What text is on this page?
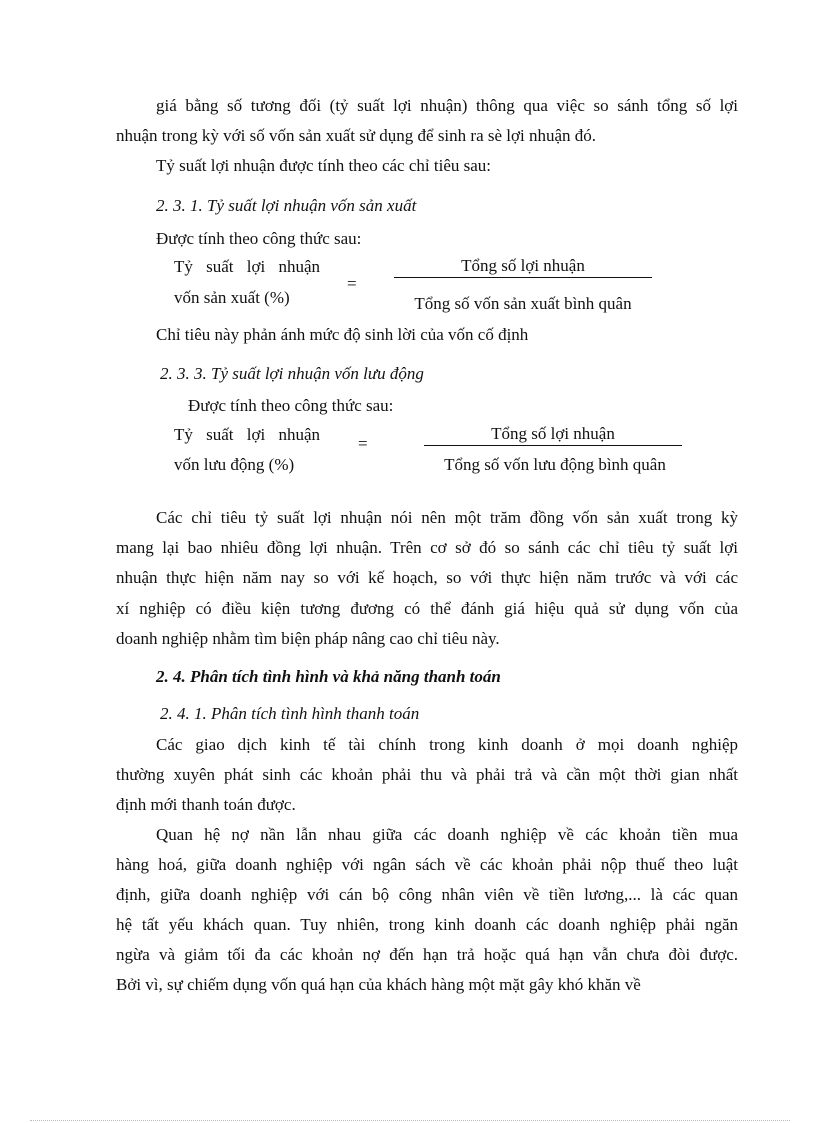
giá bằng số tương đối (tỷ suất lợi nhuận) thông qua việc so sánh tổng số lợi
nhuận trong kỳ với số vốn sản xuất sử dụng để sinh ra sè lợi nhuận đó.
Tỷ suất lợi nhuận được tính theo các chỉ tiêu sau:
2. 3. 1. Tỷ suất lợi nhuận vốn sản xuất
Được tính theo công thức sau:
Tỷ suất lợi nhuận
vốn sản xuất (%)
=
Tổng số lợi nhuận
Tổng số vốn sản xuất bình quân
Chỉ tiêu này phản ánh mức độ sinh lời của vốn cố định
2. 3. 3. Tỷ suất lợi nhuận vốn lưu động
Được tính theo công thức sau:
Tỷ suất lợi nhuận
vốn lưu động (%)
=
Tổng số lợi nhuận
Tổng số vốn lưu động bình quân
Các chỉ tiêu tỷ suất lợi nhuận nói nên một trăm đồng vốn sản xuất trong kỳ
mang lại bao nhiêu đồng lợi nhuận. Trên cơ sở đó so sánh các chỉ tiêu tỷ suất lợi
nhuận thực hiện năm nay so với kế hoạch, so với thực hiện năm trước và với các
xí nghiệp có điều kiện tương đương có thể đánh giá hiệu quả sử dụng vốn của
doanh nghiệp nhằm tìm biện pháp nâng cao chỉ tiêu này.
2. 4. Phân tích tình hình và khả năng thanh toán
2. 4. 1. Phân tích tình hình thanh toán
Các giao dịch kinh tế tài chính trong kinh doanh ở mọi doanh nghiệp
thường xuyên phát sinh các khoản phải thu và phải trả và cần một thời gian nhất
định mới thanh toán được.
Quan hệ nợ nần lẫn nhau giữa các doanh nghiệp về các khoản tiền mua
hàng hoá, giữa doanh nghiệp với ngân sách về các khoản phải nộp thuế theo luật
định, giữa doanh nghiệp với cán bộ công nhân viên về tiền lương,... là các quan
hệ tất yếu khách quan. Tuy nhiên, trong kinh doanh các doanh nghiệp phải ngăn
ngừa và giảm tối đa các khoản nợ đến hạn trả hoặc quá hạn vẫn chưa đòi được.
Bởi vì, sự chiếm dụng vốn quá hạn của khách hàng một mặt gây khó khăn về
